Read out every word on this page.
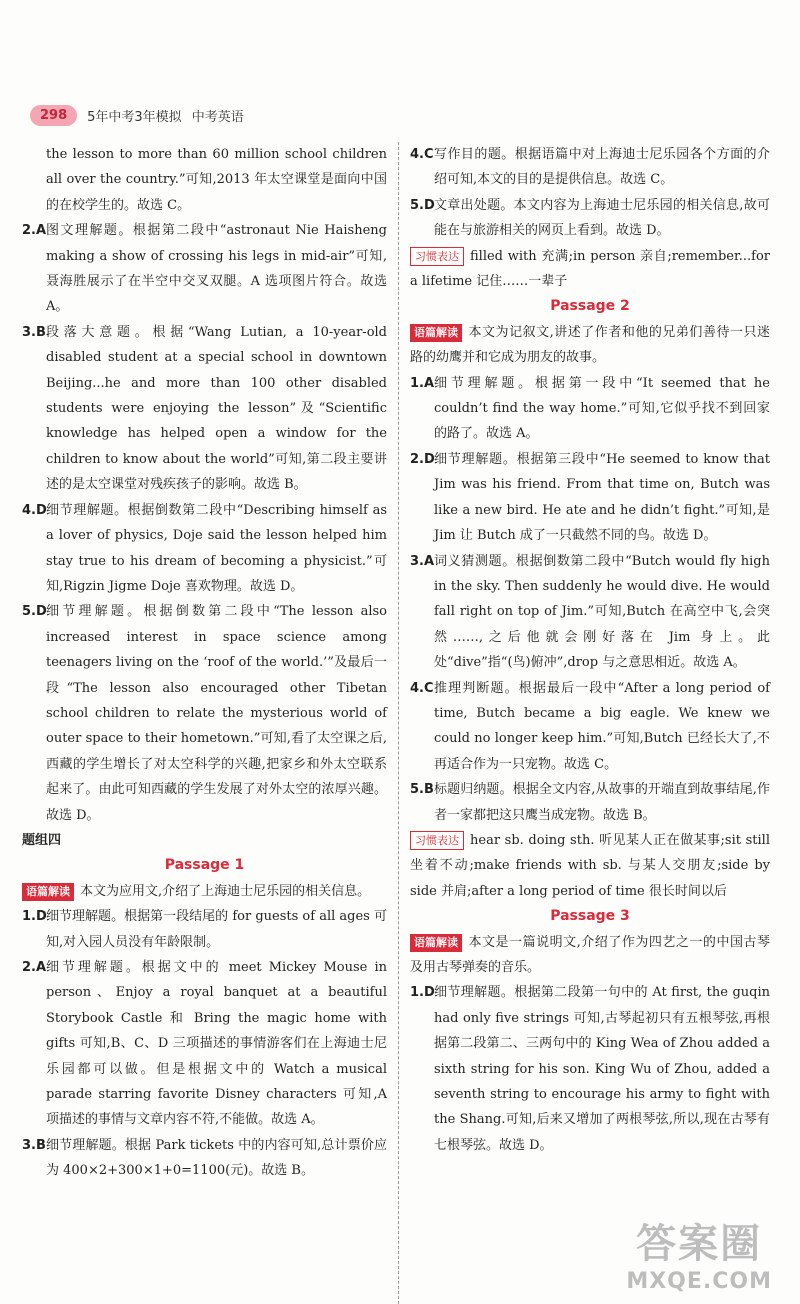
298	5年中考3年模拟 中考英语

the lesson to more than 60 million school children all over the country.”可知,2013 年太空课堂是面向中国的在校学生的。故选 C。

2.A 图文理解题。根据第二段中“astronaut Nie Haisheng making a show of crossing his legs in mid-air”可知,聂海胜展示了在半空中交叉双腿。A 选项图片符合。故选 A。
3.B 段落大意题。根据“Wang Lutian, a 10-year-old disabled student at a special school in downtown Beijing...he and more than 100 other disabled students were enjoying the lesson”及“Scientific knowledge has helped open a window for the children to know about the world”可知,第二段主要讲述的是太空课堂对残疾孩子的影响。故选 B。
4.D 细节理解题。根据倒数第二段中“Describing himself as a lover of physics, Doje said the lesson helped him stay true to his dream of becoming a physicist.”可知,Rigzin Jigme Doje 喜欢物理。故选 D。
5.D 细节理解题。根据倒数第二段中“The lesson also increased interest in space science among teenagers living on the ‘roof of the world.’”及最后一段“The lesson also encouraged other Tibetan school children to relate the mysterious world of outer space to their hometown.”可知,看了太空课之后,西藏的学生增长了对太空科学的兴趣,把家乡和外太空联系起来了。由此可知西藏的学生发展了对外太空的浓厚兴趣。故选 D。

题组四

Passage 1

语篇解读 本文为应用文,介绍了上海迪士尼乐园的相关信息。

1.D 细节理解题。根据第一段结尾的 for guests of all ages 可知,对入园人员没有年龄限制。
2.A 细节理解题。根据文中的 meet Mickey Mouse in person、Enjoy a royal banquet at a beautiful Storybook Castle 和 Bring the magic home with gifts 可知,B、C、D 三项描述的事情游客们在上海迪士尼乐园都可以做。但是根据文中的 Watch a musical parade starring favorite Disney characters 可知,A 项描述的事情与文章内容不符,不能做。故选 A。
3.B 细节理解题。根据 Park tickets 中的内容可知,总计票价应为 400×2+300×1+0=1100(元)。故选 B。
4.C 写作目的题。根据语篇中对上海迪士尼乐园各个方面的介绍可知,本文的目的是提供信息。故选 C。
5.D 文章出处题。本文内容为上海迪士尼乐园的相关信息,故可能在与旅游相关的网页上看到。故选 D。

习惯表达 filled with 充满;in person 亲自;remember...for a lifetime 记住……一辈子

Passage 2

语篇解读 本文为记叙文,讲述了作者和他的兄弟们善待一只迷路的幼鹰并和它成为朋友的故事。

1.A 细节理解题。根据第一段中“It seemed that he couldn’t find the way home.”可知,它似乎找不到回家的路了。故选 A。
2.D 细节理解题。根据第三段中“He seemed to know that Jim was his friend. From that time on, Butch was like a new bird. He ate and he didn’t fight.”可知,是 Jim 让 Butch 成了一只截然不同的鸟。故选 D。
3.A 词义猜测题。根据倒数第二段中“Butch would fly high in the sky. Then suddenly he would dive. He would fall right on top of Jim.”可知,Butch 在高空中飞,会突然……,之后他就会刚好落在 Jim 身上。此处“dive”指“(鸟)俯冲”,drop 与之意思相近。故选 A。
4.C 推理判断题。根据最后一段中“After a long period of time, Butch became a big eagle. We knew we could no longer keep him.”可知,Butch 已经长大了,不再适合作为一只宠物。故选 C。
5.B 标题归纳题。根据全文内容,从故事的开端直到故事结尾,作者一家都把这只鹰当成宠物。故选 B。

习惯表达 hear sb. doing sth. 听见某人正在做某事;sit still 坐着不动;make friends with sb. 与某人交朋友;side by side 并肩;after a long period of time 很长时间以后

Passage 3

语篇解读 本文是一篇说明文,介绍了作为四艺之一的中国古琴及用古琴弹奏的音乐。

1.D 细节理解题。根据第二段第一句中的 At first, the guqin had only five strings 可知,古琴起初只有五根琴弦,再根据第二段第二、三两句中的 King Wea of Zhou added a sixth string for his son. King Wu of Zhou, added a seventh string to encourage his army to fight with the Shang.可知,后来又增加了两根琴弦,所以,现在古琴有七根琴弦。故选 D。
答案圈
MXQE.COM
